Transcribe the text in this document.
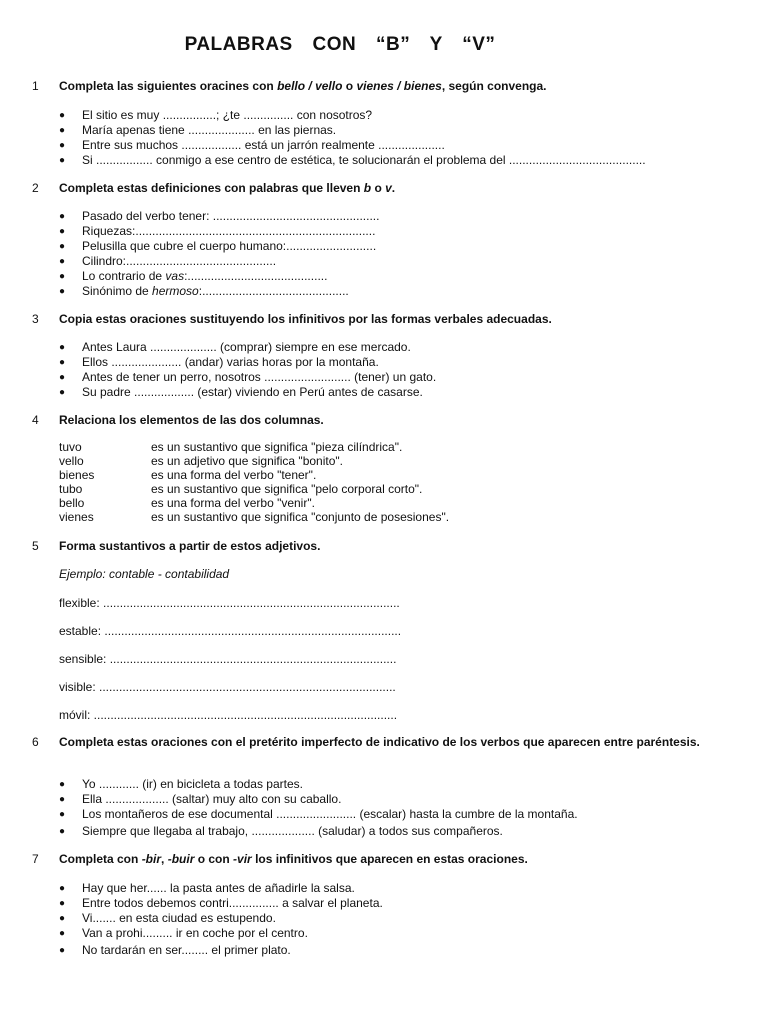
PALABRAS CON “B” Y “V”
1 Completa las siguientes oracines con bello / vello o vienes / bienes, según convenga.
● El sitio es muy ................; ¿te ............... con nosotros?
● María apenas tiene .................... en las piernas.
● Entre sus muchos .................. está un jarrón realmente ....................
● Si ................. conmigo a ese centro de estética, te solucionarán el problema del .........................................
2 Completa estas definiciones con palabras que lleven b o v.
● Pasado del verbo tener: ..................................................
● Riquezas:........................................................................
● Pelusilla que cubre el cuerpo humano:...........................
● Cilindro:.............................................
● Lo contrario de vas:..........................................
● Sinónimo de hermoso:............................................
3 Copia estas oraciones sustituyendo los infinitivos por las formas verbales adecuadas.
● Antes Laura .................... (comprar) siempre en ese mercado.
● Ellos ..................... (andar) varias horas por la montaña.
● Antes de tener un perro, nosotros .......................... (tener) un gato.
● Su padre .................. (estar) viviendo en Perú antes de casarse.
4 Relaciona los elementos de las dos columnas.
tuvo	es un sustantivo que significa "pieza cilíndrica".
vello	es un adjetivo que significa "bonito".
bienes	es una forma del verbo "tener".
tubo	es un sustantivo que significa "pelo corporal corto".
bello	es una forma del verbo "venir".
vienes	es un sustantivo que significa "conjunto de posesiones".
5 Forma sustantivos a partir de estos adjetivos.
Ejemplo: contable - contabilidad
flexible: .........................................................................................
estable: .........................................................................................
sensible: ......................................................................................
visible: .........................................................................................
móvil: ...........................................................................................
6 Completa estas oraciones con el pretérito imperfecto de indicativo de los verbos que aparecen entre paréntesis.
● Yo ............ (ir) en bicicleta a todas partes.
● Ella ................... (saltar) muy alto con su caballo.
● Los montañeros de ese documental ........................ (escalar) hasta la cumbre de la montaña.
● Siempre que llegaba al trabajo, ................... (saludar) a todos sus compañeros.
7 Completa con -bir, -buir o con -vir los infinitivos que aparecen en estas oraciones.
● Hay que her...... la pasta antes de añadirle la salsa.
● Entre todos debemos contri............... a salvar el planeta.
● Vi....... en esta ciudad es estupendo.
● Van a prohi......... ir en coche por el centro.
● No tardarán en ser........ el primer plato.
